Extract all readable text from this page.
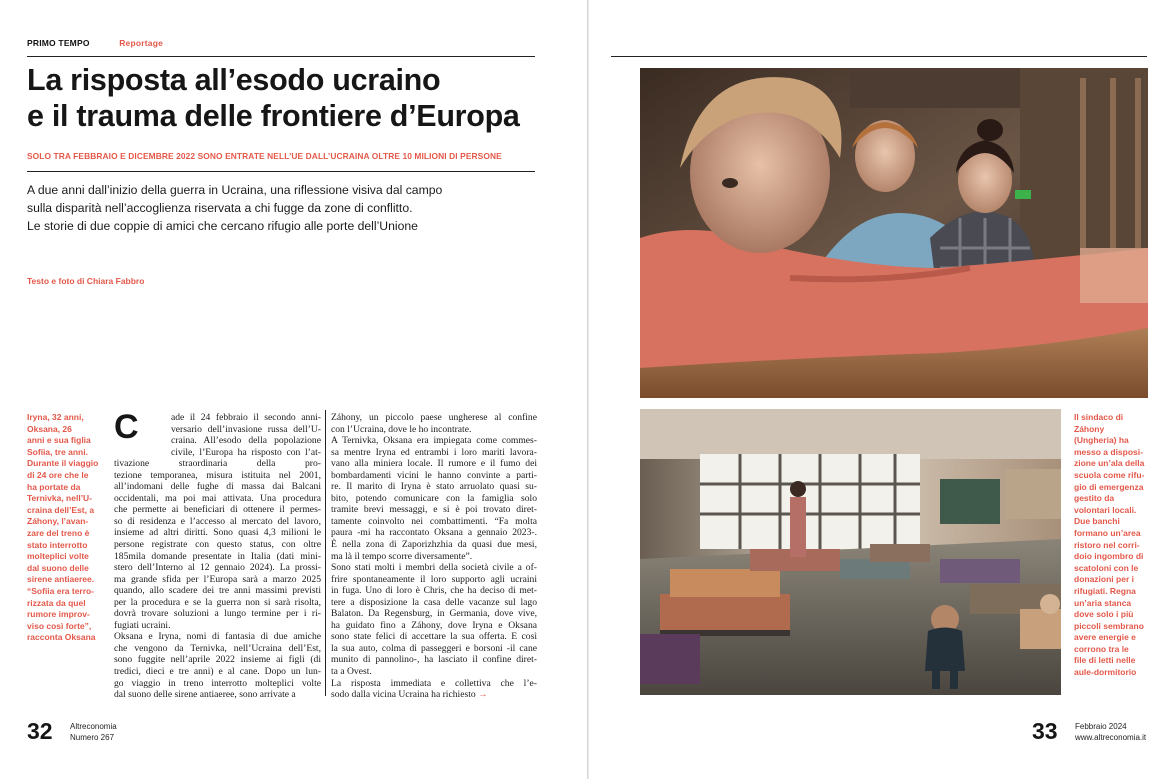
PRIMO TEMPO	Reportage
La risposta all’esodo ucraino
e il trauma delle frontiere d’Europa
SOLO TRA FEBBRAIO E DICEMBRE 2022 SONO ENTRATE NELL’UE DALL’UCRAINA OLTRE 10 MILIONI DI PERSONE
A due anni dall’inizio della guerra in Ucraina, una riflessione visiva dal campo
sulla disparità nell’accoglienza riservata a chi fugge da zone di conflitto.
Le storie di due coppie di amici che cercano rifugio alle porte dell’Unione
Testo e foto di Chiara Fabbro
Iryna, 32 anni,
Oksana, 26
anni e sua figlia
Sofiia, tre anni.
Durante il viaggio
di 24 ore che le
ha portate da
Ternivka, nell’U-
craina dell’Est, a
Záhony, l’avan-
zare del treno è
stato interrotto
molteplici volte
dal suono delle
sirene antiaeree.
“Sofiia era terro-
rizzata da quel
rumore improv-
viso così forte”,
racconta Oksana
C	ade il 24 febbraio il secondo anni-
versario dell’invasione russa dell’U-
craina. All’esodo della popolazione
civile, l’Europa ha risposto con l’at-
tivazione straordinaria della pro-
tezione temporanea, misura istituita nel 2001,
all’indomani delle fughe di massa dai Balcani
occidentali, ma poi mai attivata. Una procedura
che permette ai beneficiari di ottenere il permes-
so di residenza e l’accesso al mercato del lavoro,
insieme ad altri diritti. Sono quasi 4,3 milioni le
persone registrate con questo status, con oltre
185mila domande presentate in Italia (dati mini-
stero dell’Interno al 12 gennaio 2024). La prossi-
ma grande sfida per l’Europa sarà a marzo 2025
quando, allo scadere dei tre anni massimi previsti
per la procedura e se la guerra non si sarà risolta,
dovrà trovare soluzioni a lungo termine per i ri-
fugiati ucraini.
Oksana e Iryna, nomi di fantasia di due amiche
che vengono da Ternivka, nell’Ucraina dell’Est,
sono fuggite nell’aprile 2022 insieme ai figli (di
tredici, dieci e tre anni) e al cane. Dopo un lun-
go viaggio in treno interrotto molteplici volte
dal suono delle sirene antiaeree, sono arrivate a
Záhony, un piccolo paese ungherese al confine
con l’Ucraina, dove le ho incontrate.
A Ternivka, Oksana era impiegata come commes-
sa mentre Iryna ed entrambi i loro mariti lavora-
vano alla miniera locale. Il rumore e il fumo dei
bombardamenti vicini le hanno convinte a parti-
re. Il marito di Iryna è stato arruolato quasi su-
bito, potendo comunicare con la famiglia solo
tramite brevi messaggi, e si è poi trovato diret-
tamente coinvolto nei combattimenti. “Fa molta
paura -mi ha raccontato Oksana a gennaio 2023-.
È nella zona di Zaporizhzhia da quasi due mesi,
ma là il tempo scorre diversamente”.
Sono stati molti i membri della società civile a of-
frire spontaneamente il loro supporto agli ucraini
in fuga. Uno di loro è Chris, che ha deciso di met-
tere a disposizione la casa delle vacanze sul lago
Balaton. Da Regensburg, in Germania, dove vive,
ha guidato fino a Záhony, dove Iryna e Oksana
sono state felici di accettare la sua offerta. E così
la sua auto, colma di passeggeri e borsoni -il cane
munito di pannolino-, ha lasciato il confine diret-
ta a Ovest.
La risposta immediata e collettiva che l’e-
sodo dalla vicina Ucraina ha richiesto →
32 Altreconomia
Numero 267
Il sindaco di
Záhony
(Ungheria) ha
messo a disposi-
zione un’ala della
scuola come rifu-
gio di emergenza
gestito da
volontari locali.
Due banchi
formano un’area
ristoro nel corri-
doio ingombro di
scatoloni con le
donazioni per i
rifugiati. Regna
un’aria stanca
dove solo i più
piccoli sembrano
avere energie e
corrono tra le
file di letti nelle
aule-dormitorio
33 Febbraio 2024
www.altreconomia.it
